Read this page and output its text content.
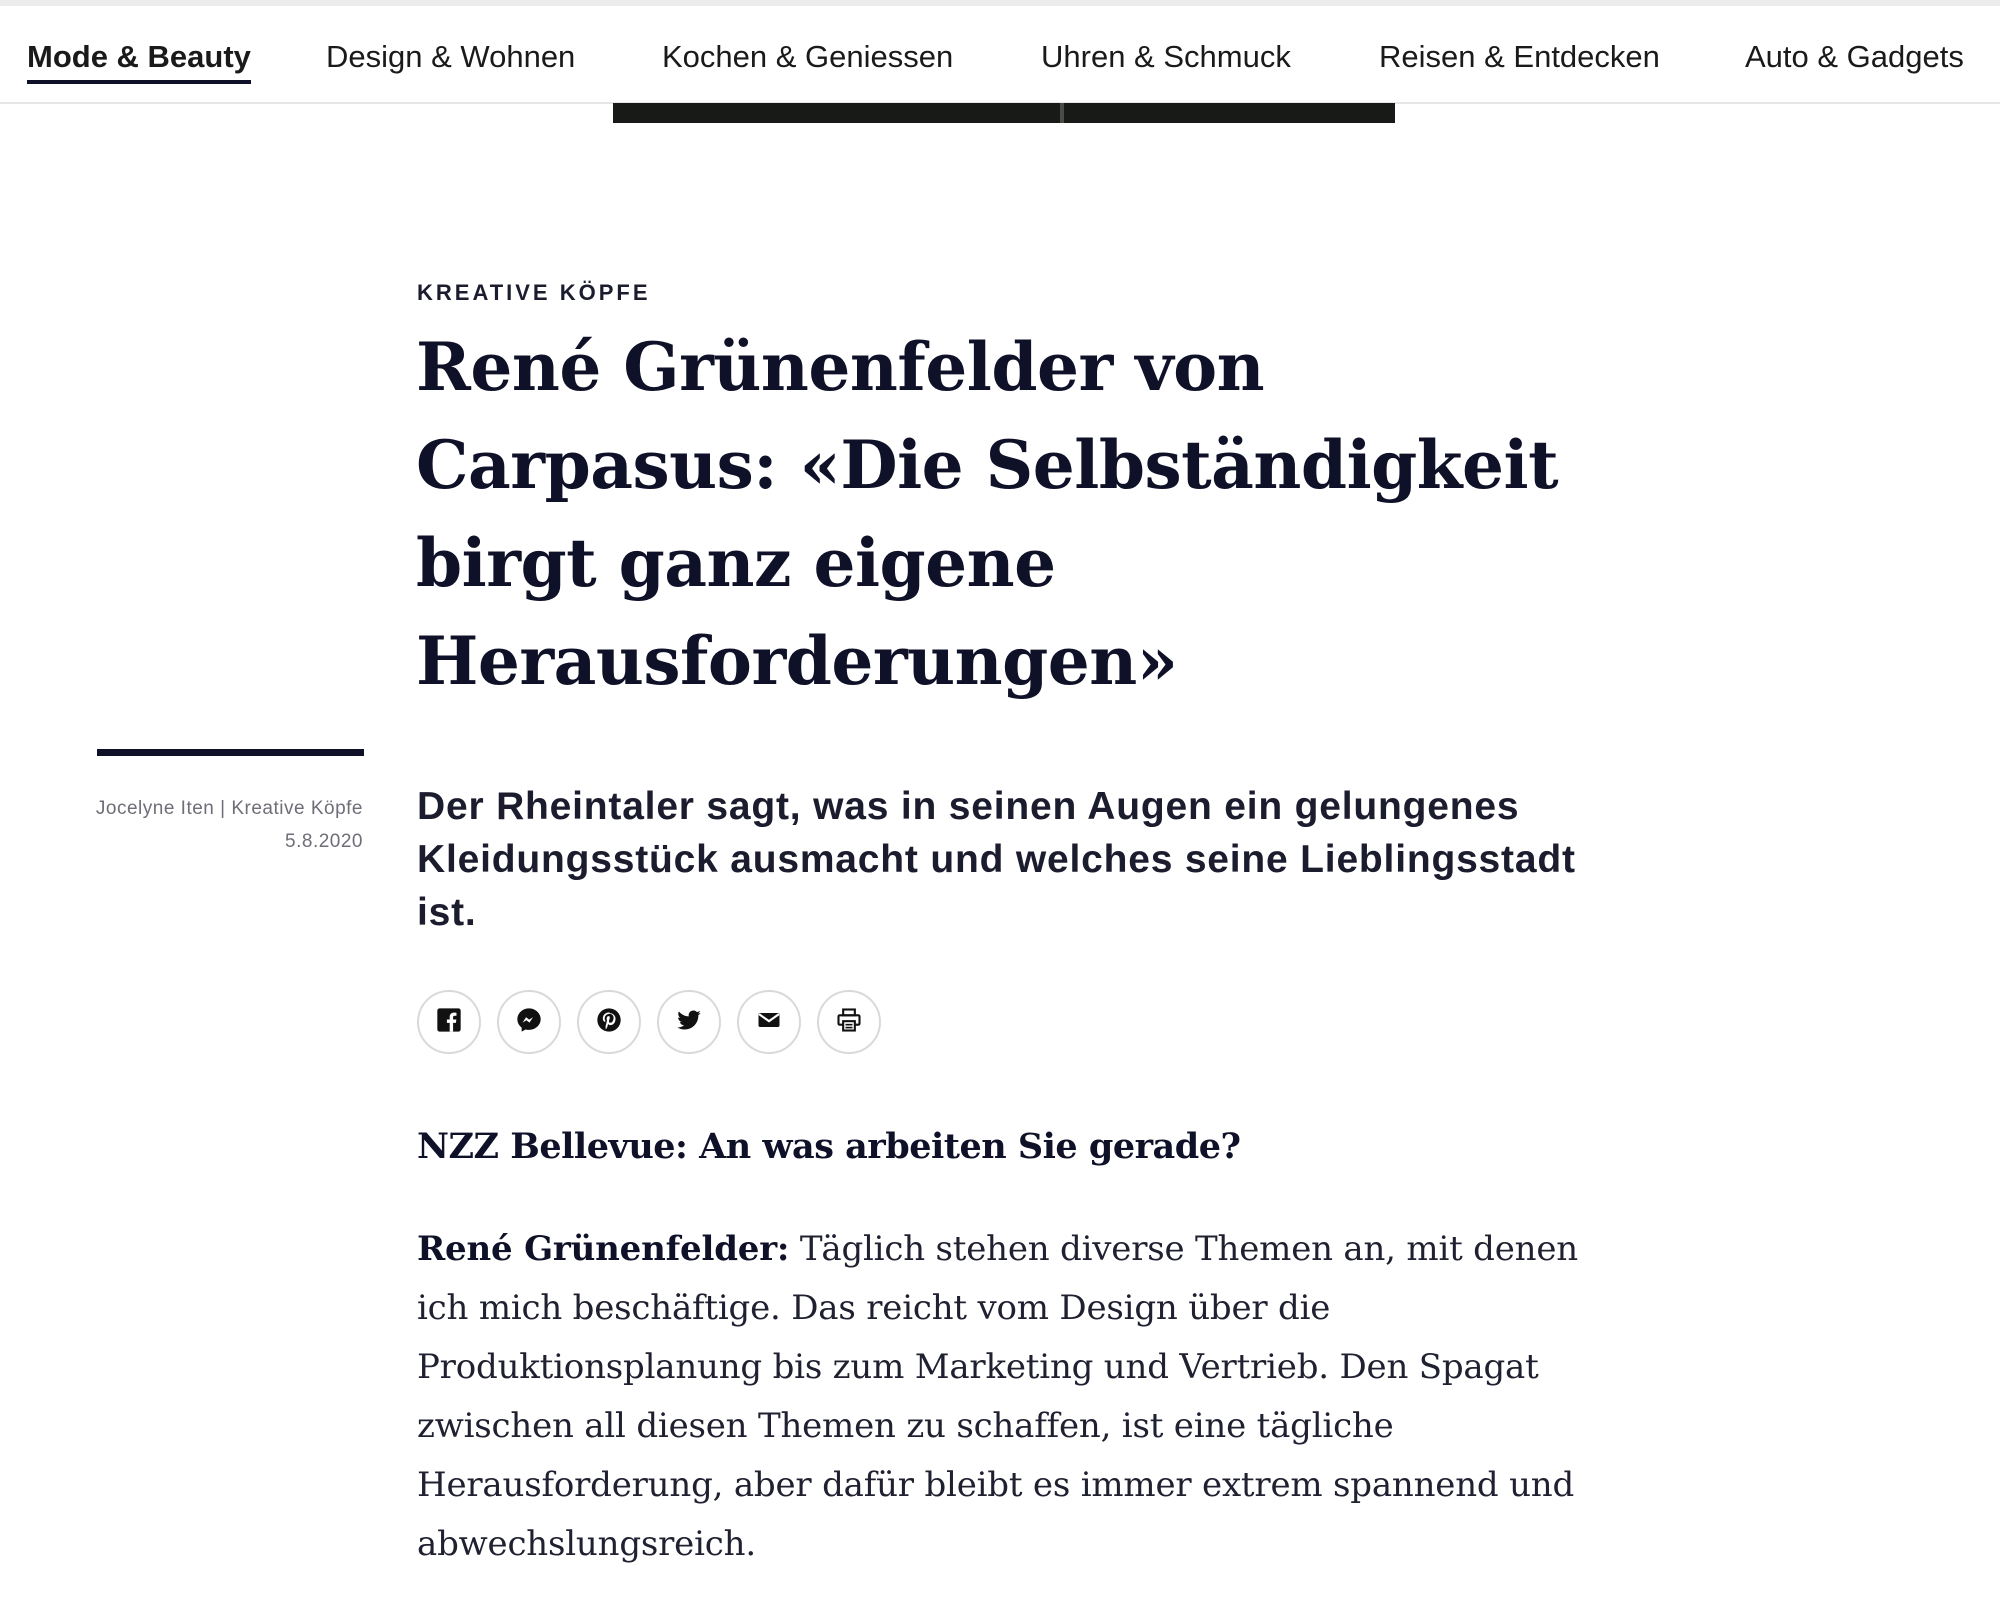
Mode & Beauty Design & Wohnen	Kochen & Geniessen	Uhren & Schmuck	Reisen & Entdecken	Auto & Gadgets
KREATIVE KÖPFE
René Grünenfelder von Carpasus: «Die Selbständigkeit birgt ganz eigene Herausforderungen»
Jocelyne Iten | Kreative Köpfe
5.8.2020

Der Rheintaler sagt, was in seinen Augen ein gelungenes Kleidungsstück ausmacht und welches seine Lieblingsstadt ist.

NZZ Bellevue: An was arbeiten Sie gerade?

René Grünenfelder: Täglich stehen diverse Themen an, mit denen ich mich beschäftige. Das reicht vom Design über die Produktionsplanung bis zum Marketing und Vertrieb. Den Spagat zwischen all diesen Themen zu schaffen, ist eine tägliche Herausforderung, aber dafür bleibt es immer extrem spannend und abwechslungsreich.
